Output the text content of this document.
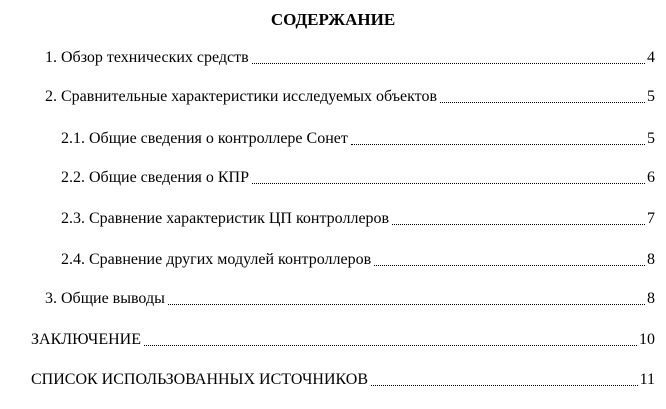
СОДЕРЖАНИЕ
1. Обзор технических средств	4
2. Сравнительные характеристики исследуемых объектов	5
2.1. Общие сведения о контроллере Сонет	5
2.2. Общие сведения о КПР	6
2.3. Сравнение характеристик ЦП контроллеров	7
2.4. Сравнение других модулей контроллеров	8
3. Общие выводы	8
ЗАКЛЮЧЕНИЕ	10
СПИСОК ИСПОЛЬЗОВАННЫХ ИСТОЧНИКОВ	11
